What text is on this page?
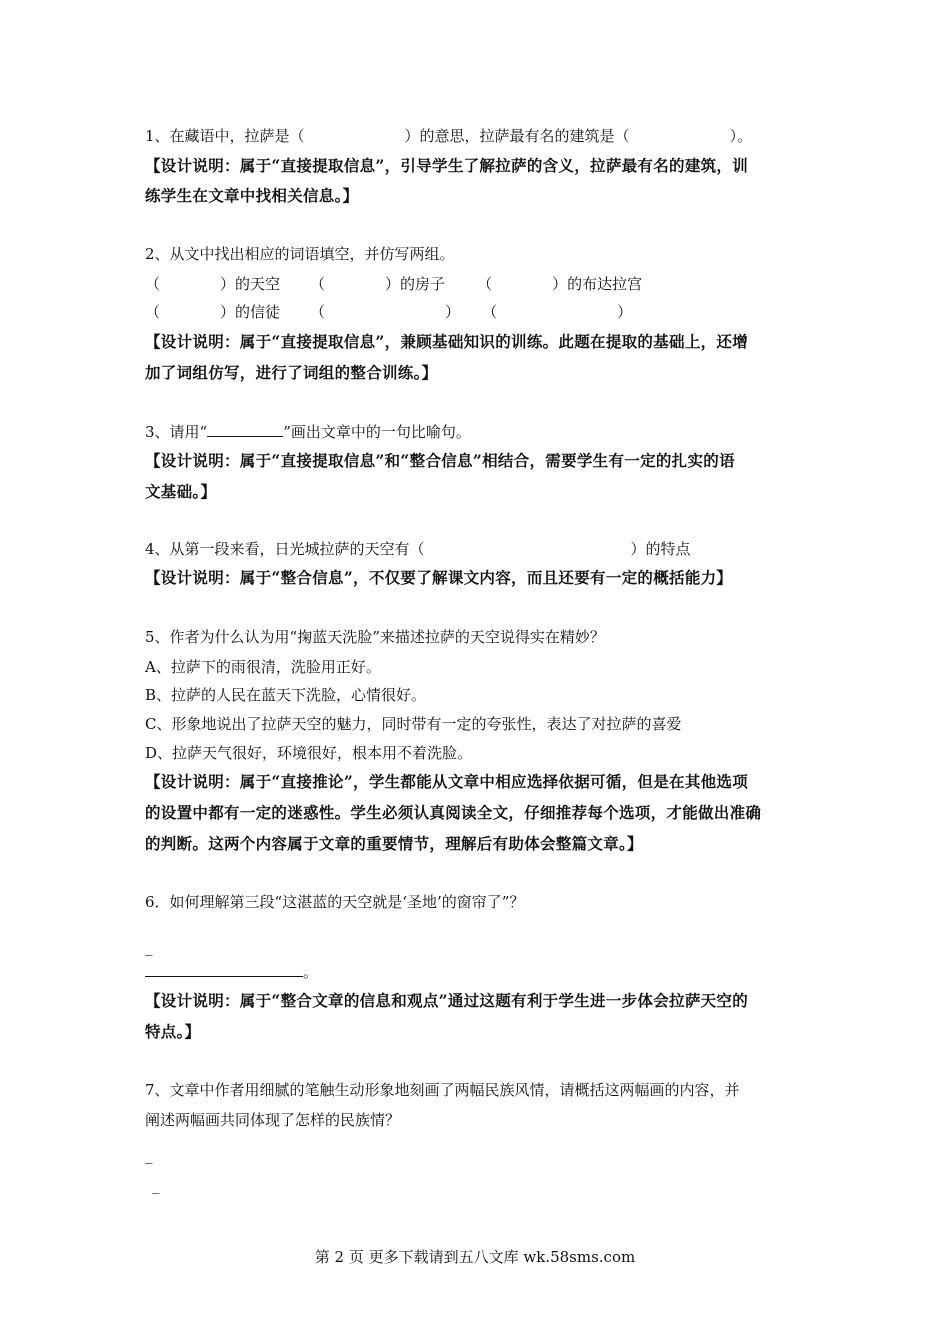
1、在藏语中，拉萨是（	）的意思，拉萨最有名的建筑是（	）。
【设计说明：属于“直接提取信息”，引导学生了解拉萨的含义，拉萨最有名的建筑，训
练学生在文章中找相关信息。】
2、从文中找出相应的词语填空，并仿写两组。
（	）的天空 （	）的房子 （	）的布达拉宫
（	）的信徒 （	） （	）
【设计说明：属于“直接提取信息”，兼顾基础知识的训练。此题在提取的基础上，还增
加了词组仿写，进行了词组的整合训练。】
3、请用“	”画出文章中的一句比喻句。
【设计说明：属于“直接提取信息”和“整合信息”相结合，需要学生有一定的扎实的语
文基础。】
4、从第一段来看，日光城拉萨的天空有（	）的特点
【设计说明：属于“整合信息”，不仅要了解课文内容，而且还要有一定的概括能力】
5、作者为什么认为用“掬蓝天洗脸”来描述拉萨的天空说得实在精妙？
A、拉萨下的雨很清，洗脸用正好。
B、拉萨的人民在蓝天下洗脸，心情很好。
C、形象地说出了拉萨天空的魅力，同时带有一定的夸张性，表达了对拉萨的喜爱
D、拉萨天气很好，环境很好，根本用不着洗脸。
【设计说明：属于“直接推论”，学生都能从文章中相应选择依据可循，但是在其他选项
的设置中都有一定的迷惑性。学生必须认真阅读全文，仔细推荐每个选项，才能做出准确
的判断。这两个内容属于文章的重要情节，理解后有助体会整篇文章。】
6．如何理解第三段“这湛蓝的天空就是‘圣地’的窗帘了”？
_
。
【设计说明：属于“整合文章的信息和观点”通过这题有利于学生进一步体会拉萨天空的
特点。】
7、文章中作者用细腻的笔触生动形象地刻画了两幅民族风情，请概括这两幅画的内容，并
阐述两幅画共同体现了怎样的民族情？
_
_
第 2 页 更多下载请到五八文库 wk.58sms.com
